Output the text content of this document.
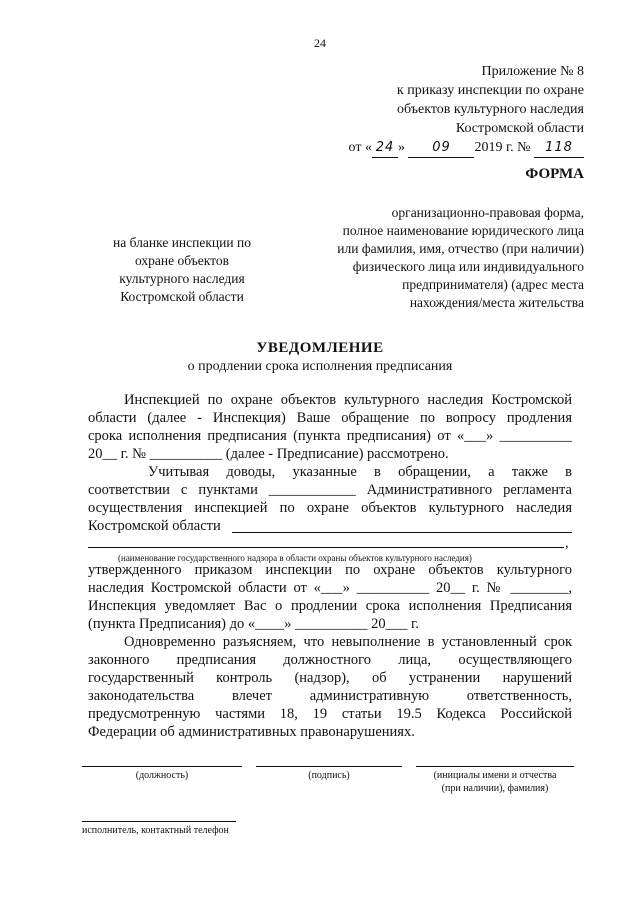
24
Приложение № 8
к приказу инспекции по охране
объектов культурного наследия
Костромской области
от « 24 » 09 2019 г. № 118
ФОРМА
организационно-правовая форма,
полное наименование юридического лица
или фамилия, имя, отчество (при наличии)
физического лица или индивидуального
предпринимателя) (адрес места
нахождения/места жительства
на бланке инспекции по
охране объектов
культурного наследия
Костромской области
УВЕДОМЛЕНИЕ
о продлении срока исполнения предписания
Инспекцией по охране объектов культурного наследия Костромской
области (далее - Инспекция) Ваше обращение по вопросу продления
срока исполнения предписания (пункта предписания) от «___» __________
20__ г. № __________ (далее - Предписание) рассмотрено.
Учитывая доводы, указанные в обращении, а также в
соответствии с пунктами ____________ Административного регламента
осуществления инспекцией по охране объектов культурного наследия
Костромской области
,
(наименование государственного надзора в области охраны объектов культурного наследия)
утвержденного приказом инспекции по охране объектов культурного
наследия Костромской области от «___» __________ 20__ г. № ________,
Инспекция уведомляет Вас о продлении срока исполнения Предписания
(пункта Предписания) до «____» __________ 20___ г.
Одновременно разъясняем, что невыполнение в установленный срок
законного предписания должностного лица, осуществляющего
государственный контроль (надзор), об устранении нарушений
законодательства влечет административную ответственность,
предусмотренную частями 18, 19 статьи 19.5 Кодекса Российской
Федерации об административных правонарушениях.
(должность)	(подпись)	(инициалы имени и отчества
(при наличии), фамилия)
исполнитель, контактный телефон
